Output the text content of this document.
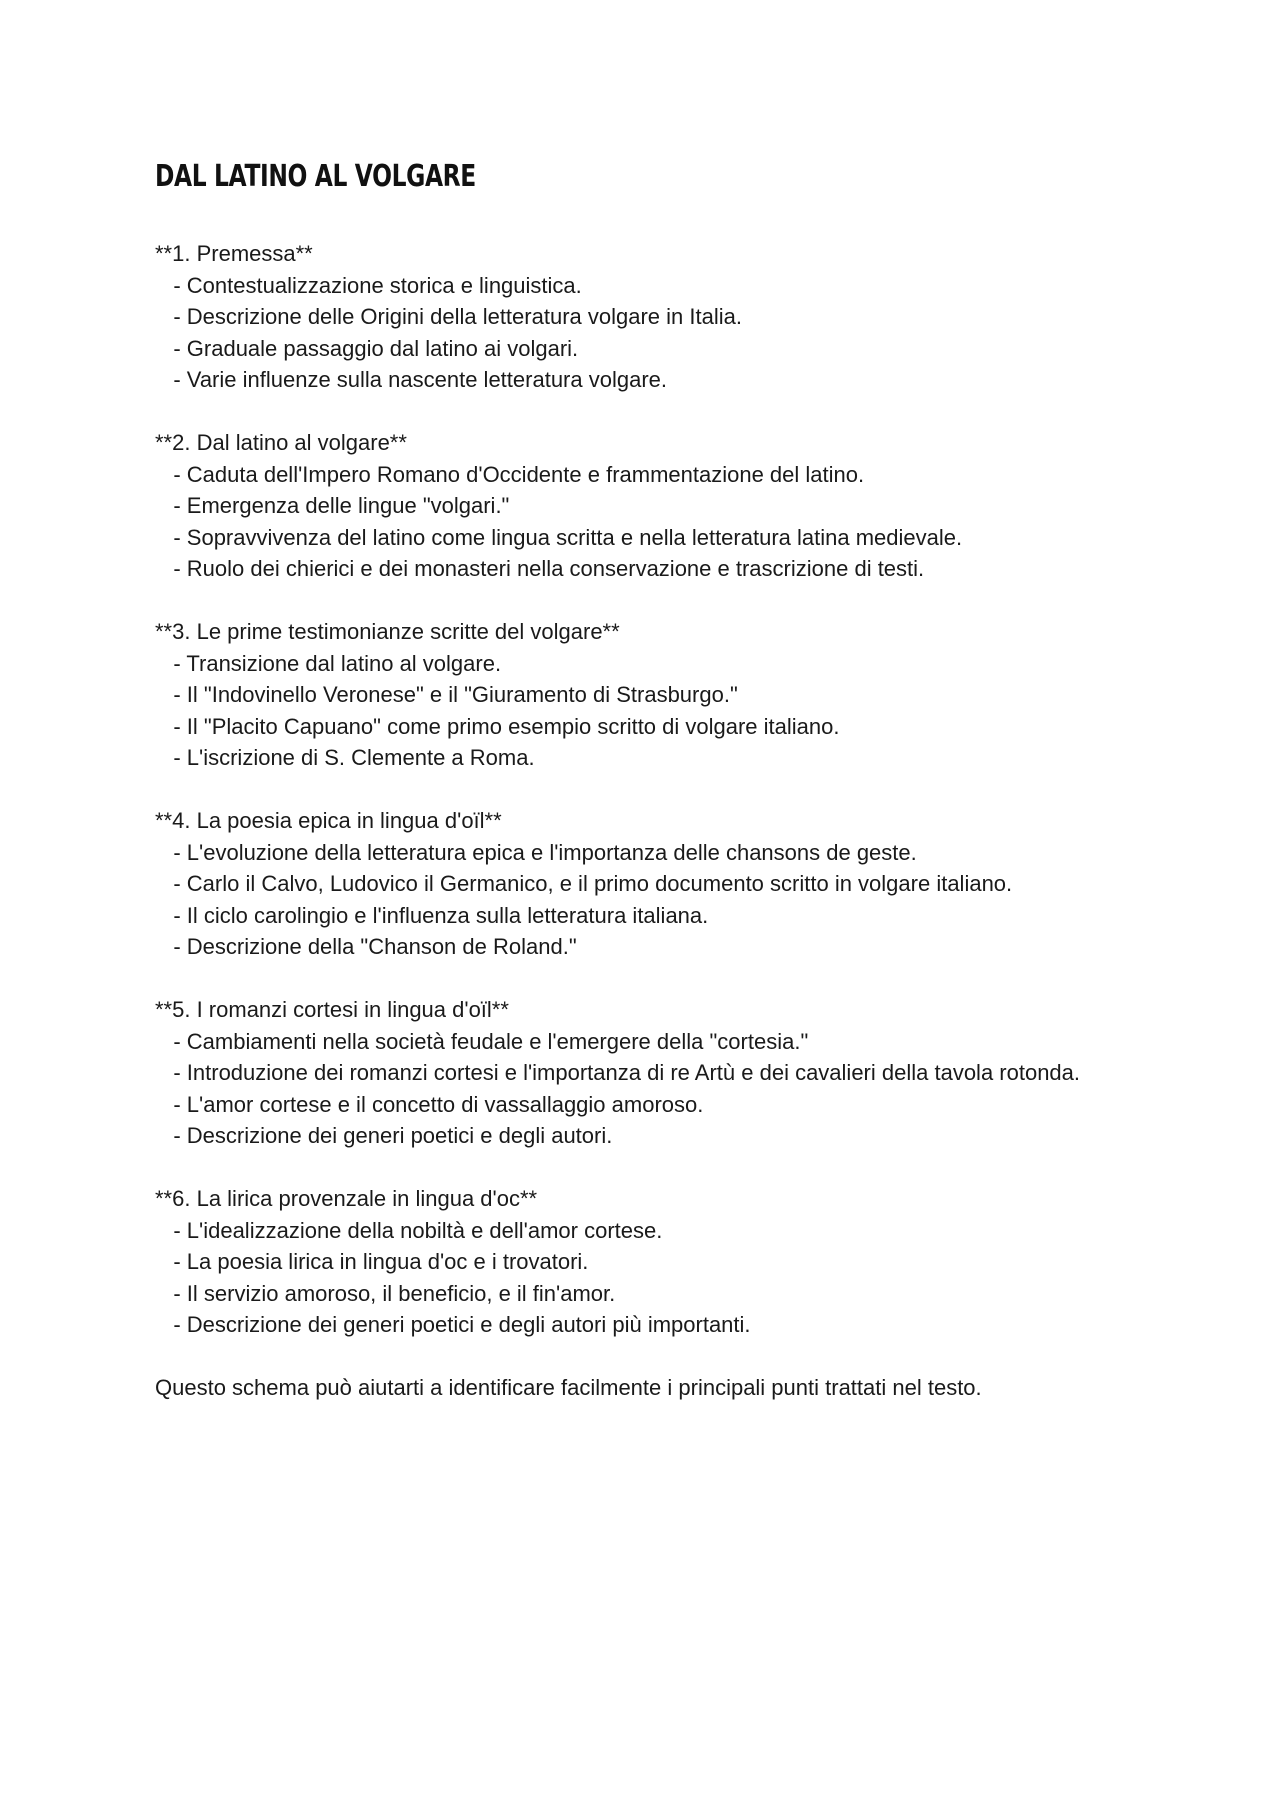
DAL LATINO AL VOLGARE

**1. Premessa**

- Contestualizzazione storica e linguistica.
- Descrizione delle Origini della letteratura volgare in Italia.
- Graduale passaggio dal latino ai volgari.
- Varie influenze sulla nascente letteratura volgare.

**2. Dal latino al volgare**

- Caduta dell'Impero Romano d'Occidente e frammentazione del latino.
- Emergenza delle lingue "volgari."
- Sopravvivenza del latino come lingua scritta e nella letteratura latina medievale.
- Ruolo dei chierici e dei monasteri nella conservazione e trascrizione di testi.

**3. Le prime testimonianze scritte del volgare**

- Transizione dal latino al volgare.
- Il "Indovinello Veronese" e il "Giuramento di Strasburgo."
- Il "Placito Capuano" come primo esempio scritto di volgare italiano.
- L'iscrizione di S. Clemente a Roma.

**4. La poesia epica in lingua d'oïl**

- L'evoluzione della letteratura epica e l'importanza delle chansons de geste.
- Carlo il Calvo, Ludovico il Germanico, e il primo documento scritto in volgare italiano.
- Il ciclo carolingio e l'influenza sulla letteratura italiana.
- Descrizione della "Chanson de Roland."

**5. I romanzi cortesi in lingua d'oïl**

- Cambiamenti nella società feudale e l'emergere della "cortesia."
- Introduzione dei romanzi cortesi e l'importanza di re Artù e dei cavalieri della tavola rotonda.
- L'amor cortese e il concetto di vassallaggio amoroso.
- Descrizione dei generi poetici e degli autori.

**6. La lirica provenzale in lingua d'oc**

- L'idealizzazione della nobiltà e dell'amor cortese.
- La poesia lirica in lingua d'oc e i trovatori.
- Il servizio amoroso, il beneficio, e il fin'amor.
- Descrizione dei generi poetici e degli autori più importanti.

Questo schema può aiutarti a identificare facilmente i principali punti trattati nel testo.
